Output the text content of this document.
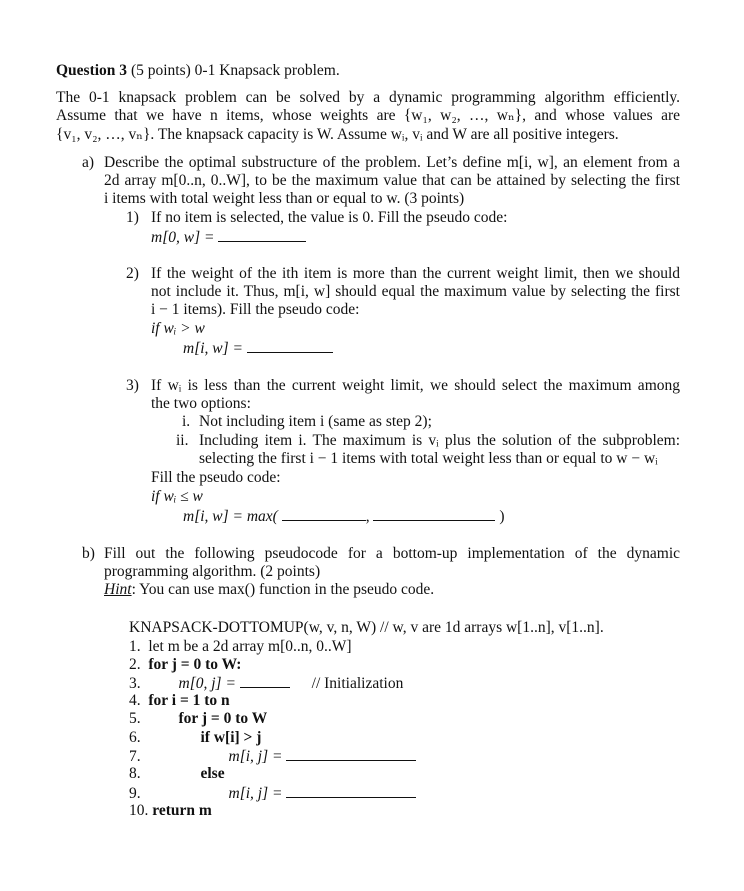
Question 3 (5 points) 0-1 Knapsack problem.
The 0-1 knapsack problem can be solved by a dynamic programming algorithm efficiently.
Assume that we have n items, whose weights are {w₁, w₂, …, wₙ}, and whose values are
{v₁, v₂, …, vₙ}. The knapsack capacity is W. Assume wᵢ, vᵢ and W are all positive integers.
a) Describe the optimal substructure of the problem. Let’s define m[i, w], an element from a
2d array m[0..n, 0..W], to be the maximum value that can be attained by selecting the first
i items with total weight less than or equal to w. (3 points)
1) If no item is selected, the value is 0. Fill the pseudo code:
m[0, w] =
2) If the weight of the ith item is more than the current weight limit, then we should
not include it. Thus, m[i, w] should equal the maximum value by selecting the first
i − 1 items). Fill the pseudo code:
if wᵢ > w
m[i, w] =
3) If wᵢ is less than the current weight limit, we should select the maximum among
the two options:
i. Not including item i (same as step 2);
ii. Including item i. The maximum is vᵢ plus the solution of the subproblem:
selecting the first i − 1 items with total weight less than or equal to w − wᵢ
Fill the pseudo code:
if wᵢ ≤ w
m[i, w] = max(	,	)
b) Fill out the following pseudocode for a bottom-up implementation of the dynamic
programming algorithm. (2 points)
Hint: You can use max() function in the pseudo code.
KNAPSACK-DOTTOMUP(w, v, n, W) // w, v are 1d arrays w[1..n], v[1..n].
1. let m be a 2d array m[0..n, 0..W]
2. for j = 0 to W:
3. m[0, j] =	// Initialization
4. for i = 1 to n
5. for j = 0 to W
6.	if w[i] > j
7.	m[i, j] =
8.	else
9.	m[i, j] =
10. return m
